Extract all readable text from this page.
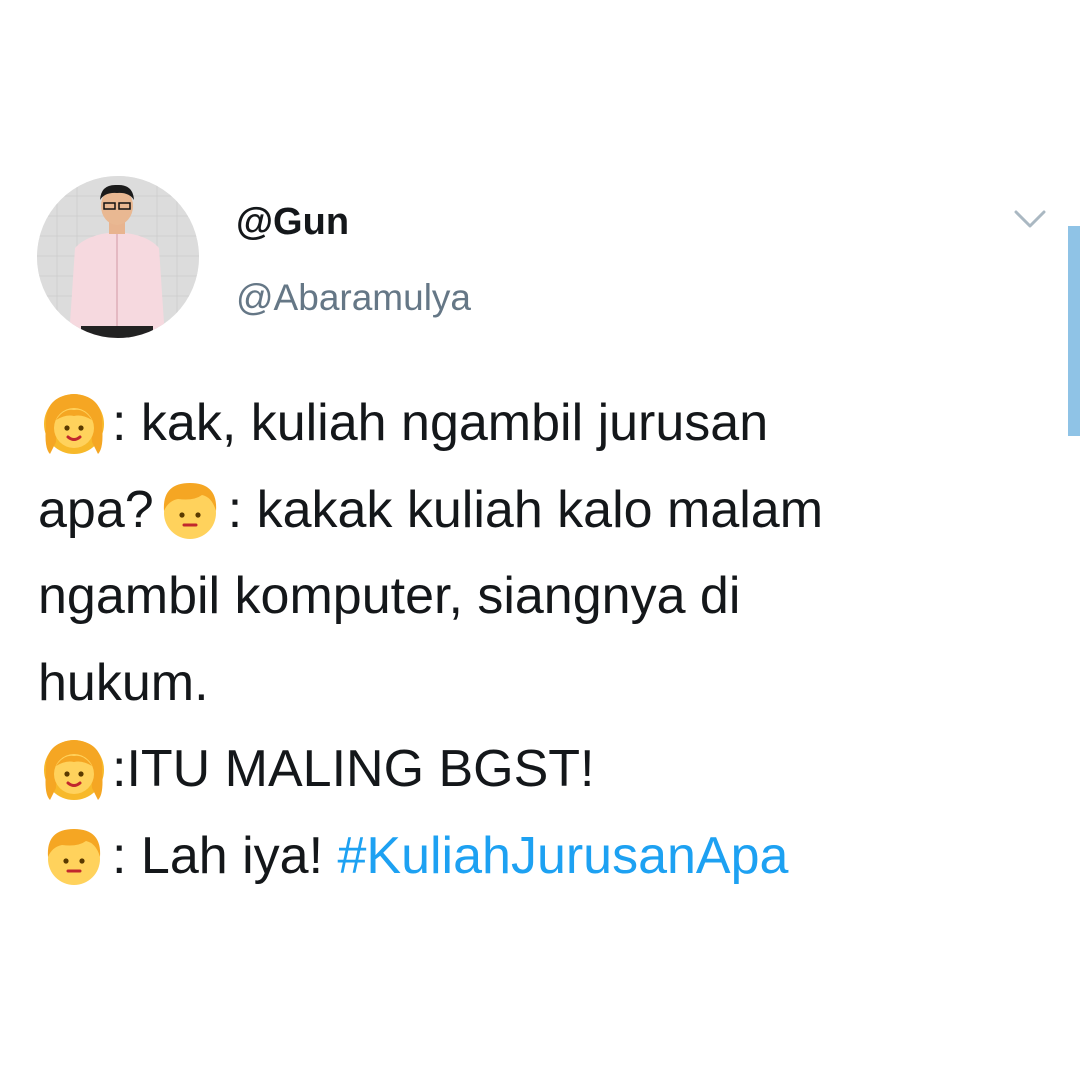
@Gun
@Abaramulya
: kak, kuliah ngambil jurusan
apa? : kakak kuliah kalo malam
ngambil komputer, siangnya di
hukum.
:ITU MALING BGST!
: Lah iya! #KuliahJurusanApa
